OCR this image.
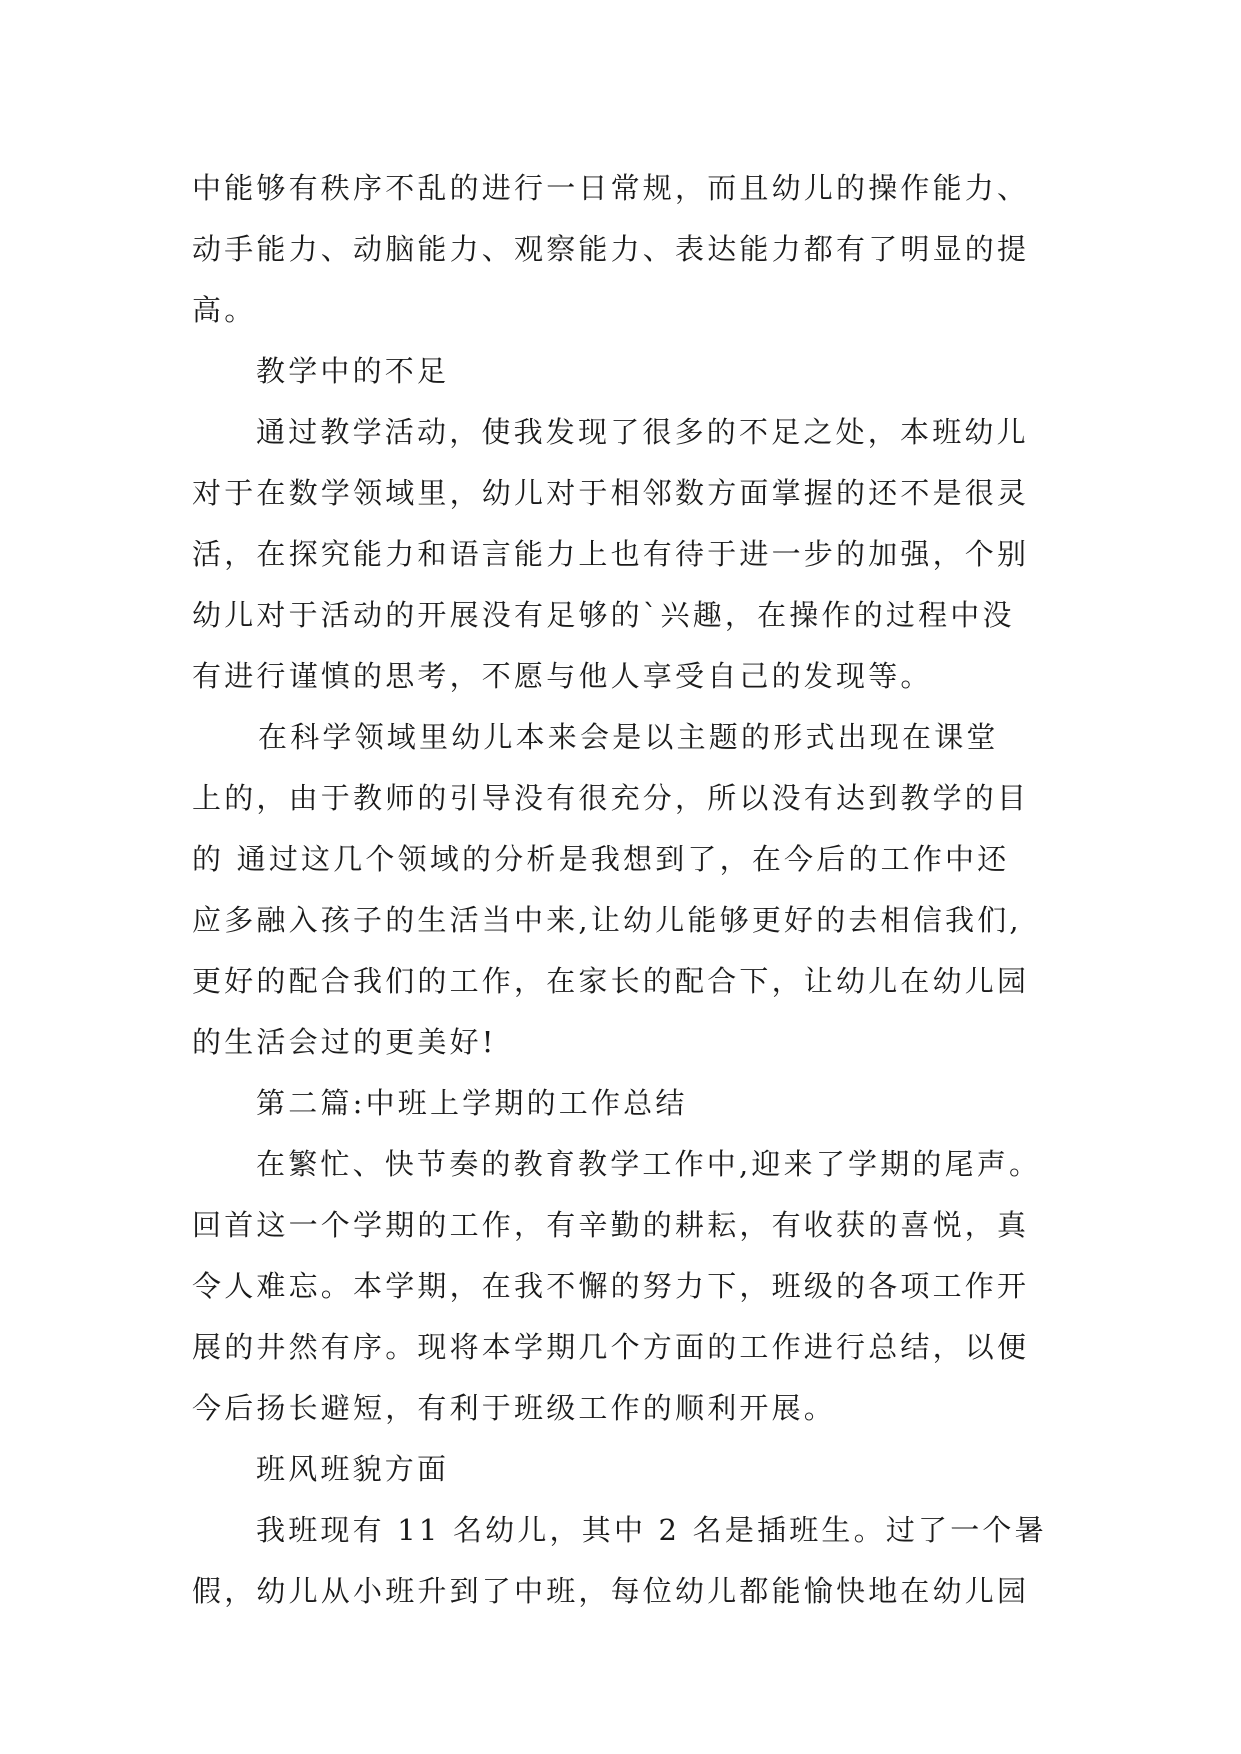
中能够有秩序不乱的进行一日常规，而且幼儿的操作能力、
动手能力、动脑能力、观察能力、表达能力都有了明显的提
高。

教学中的不足

通过教学活动，使我发现了很多的不足之处，本班幼儿
对于在数学领域里，幼儿对于相邻数方面掌握的还不是很灵
活，在探究能力和语言能力上也有待于进一步的加强，个别
幼儿对于活动的开展没有足够的`兴趣，在操作的过程中没
有进行谨慎的思考，不愿与他人享受自己的发现等。

在科学领域里幼儿本来会是以主题的形式出现在课堂
上的，由于教师的引导没有很充分，所以没有达到教学的目
的 通过这几个领域的分析是我想到了，在今后的工作中还
应多融入孩子的生活当中来,让幼儿能够更好的去相信我们,
更好的配合我们的工作，在家长的配合下，让幼儿在幼儿园
的生活会过的更美好!

第二篇:中班上学期的工作总结

在繁忙、快节奏的教育教学工作中,迎来了学期的尾声。
回首这一个学期的工作，有辛勤的耕耘，有收获的喜悦，真
令人难忘。本学期，在我不懈的努力下，班级的各项工作开
展的井然有序。现将本学期几个方面的工作进行总结，以便
今后扬长避短，有利于班级工作的顺利开展。

班风班貌方面

我班现有 11 名幼儿，其中 2 名是插班生。过了一个暑
假，幼儿从小班升到了中班，每位幼儿都能愉快地在幼儿园
